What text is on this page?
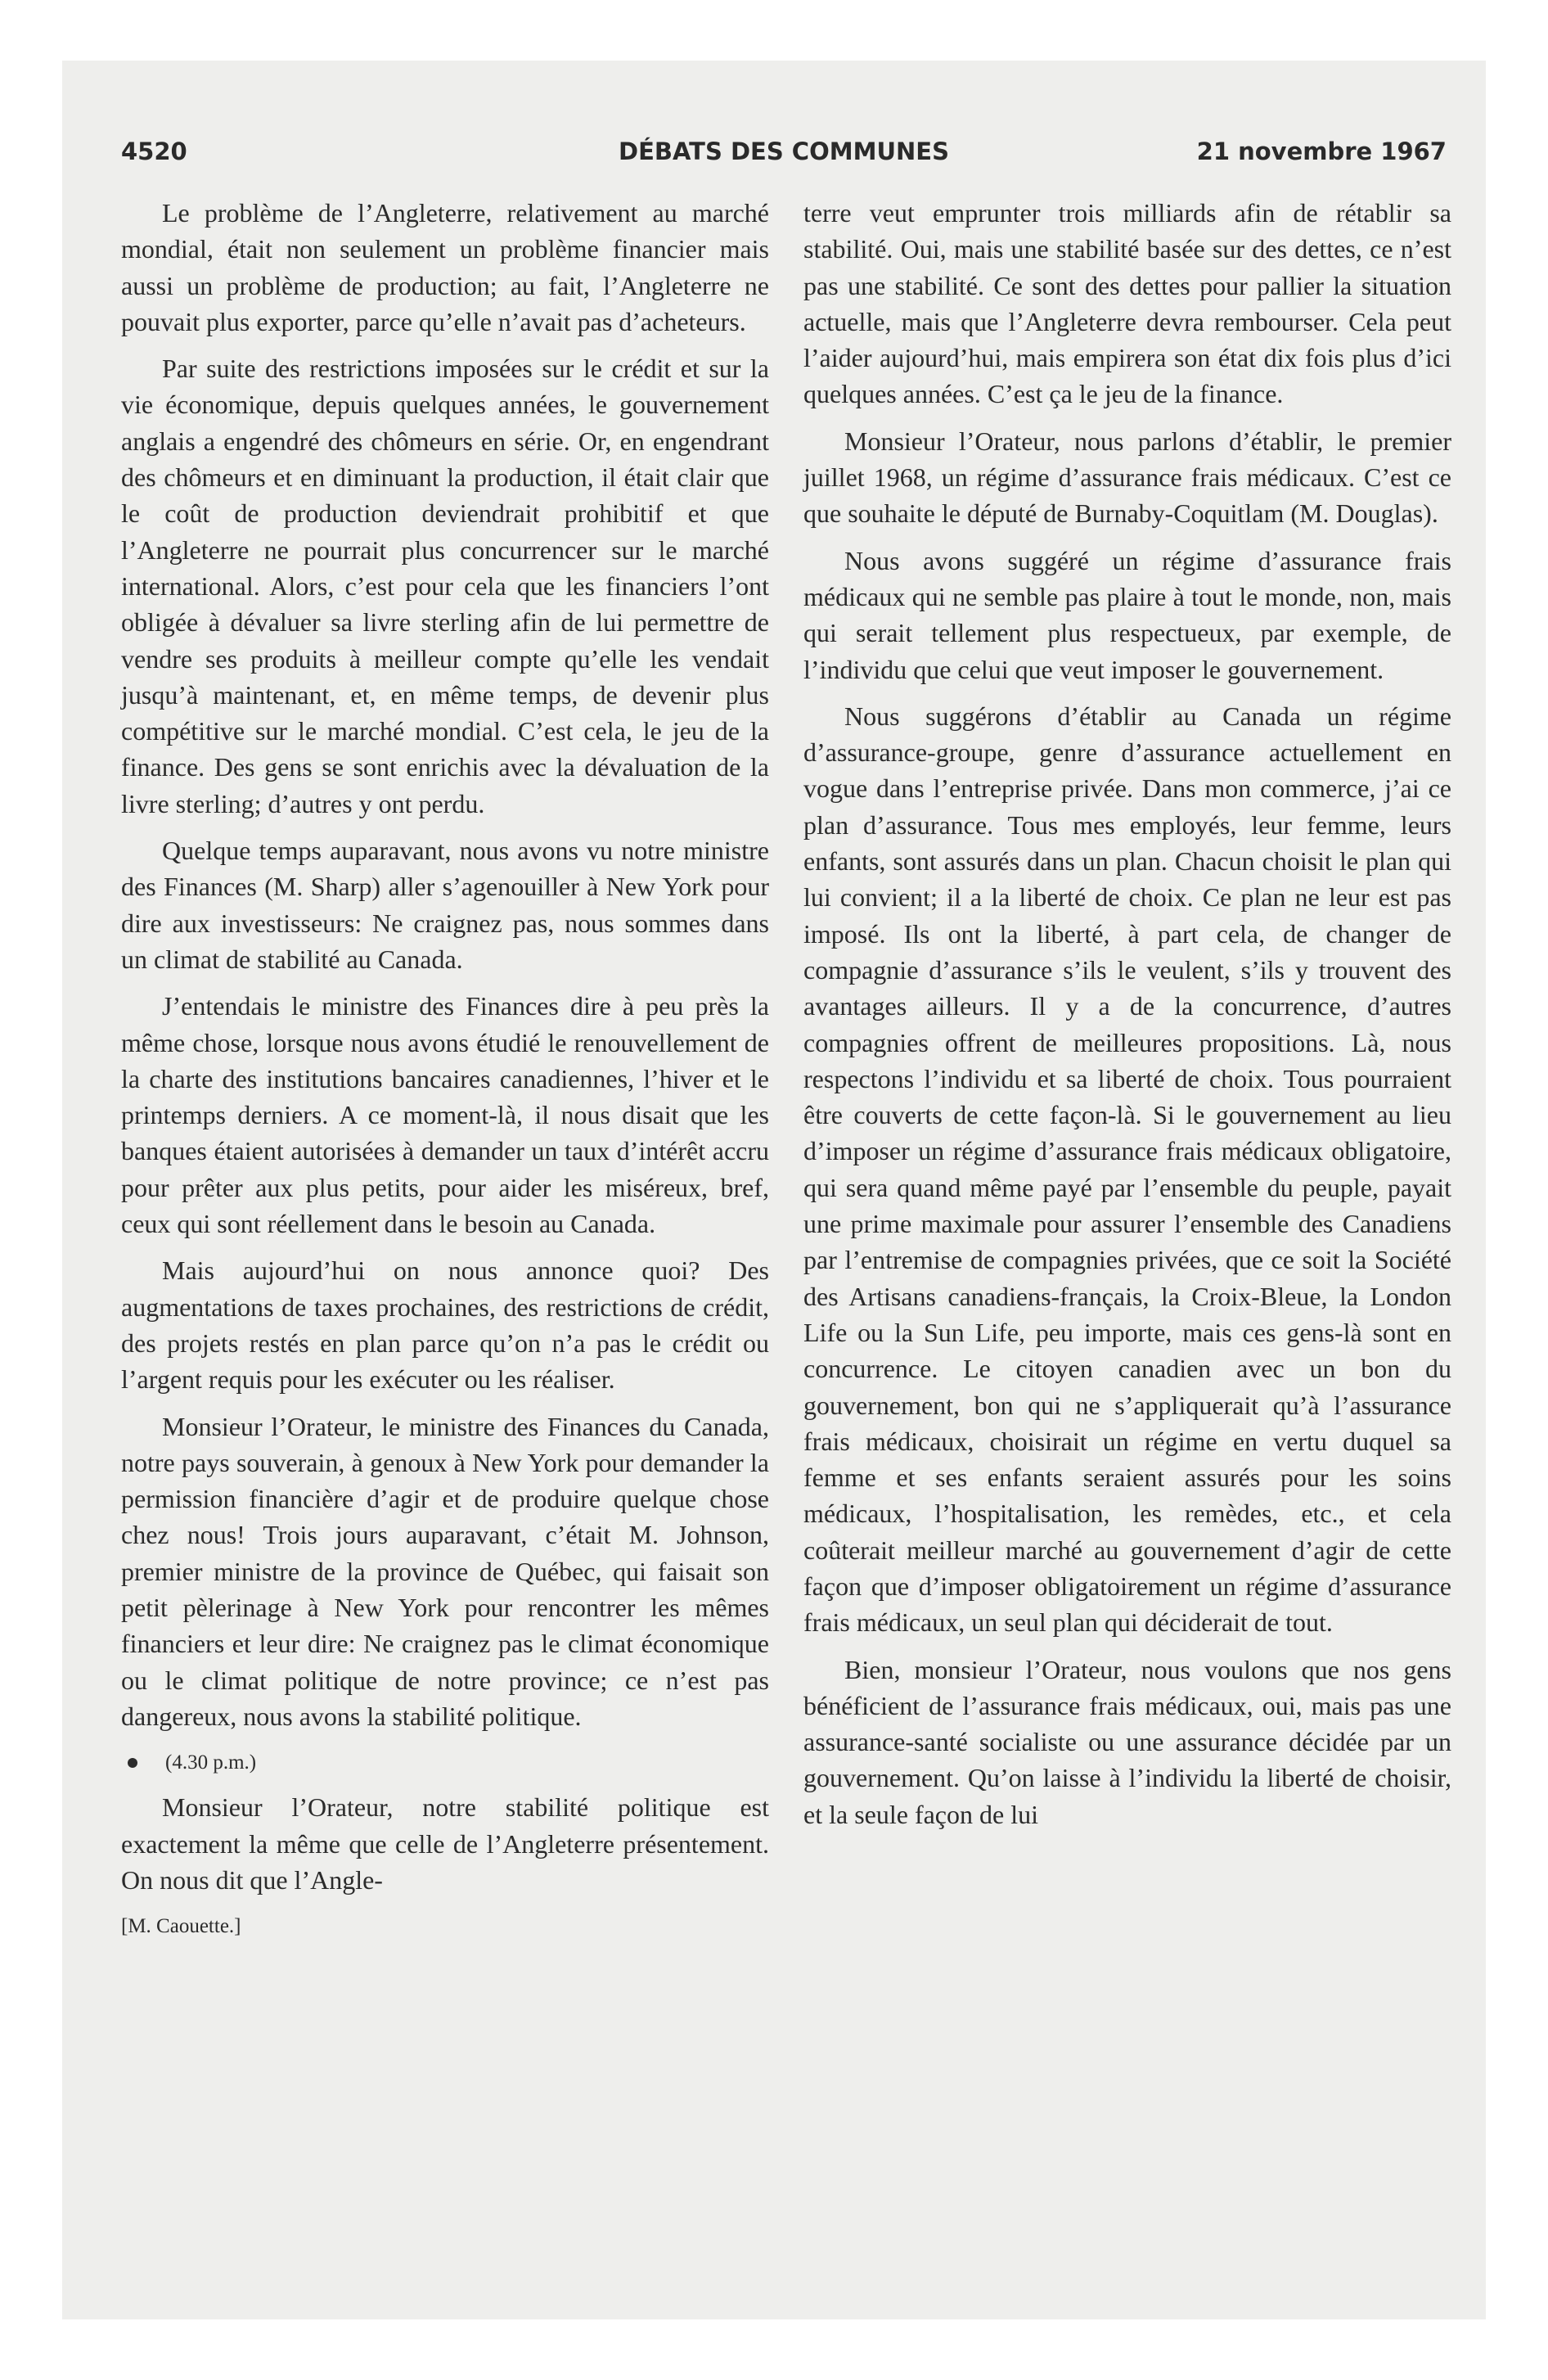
4520	DÉBATS DES COMMUNES	21 novembre 1967

Le problème de l’Angleterre, relativement au marché mondial, était non seulement un problème financier mais aussi un problème de production; au fait, l’Angleterre ne pouvait plus exporter, parce qu’elle n’avait pas d’acheteurs.

Par suite des restrictions imposées sur le crédit et sur la vie économique, depuis quelques années, le gouvernement anglais a engendré des chômeurs en série. Or, en engendrant des chômeurs et en diminuant la production, il était clair que le coût de production deviendrait prohibitif et que l’Angleterre ne pourrait plus concurrencer sur le marché international. Alors, c’est pour cela que les financiers l’ont obligée à dévaluer sa livre sterling afin de lui permettre de vendre ses produits à meilleur compte qu’elle les vendait jusqu’à maintenant, et, en même temps, de devenir plus compétitive sur le marché mondial. C’est cela, le jeu de la finance. Des gens se sont enrichis avec la dévaluation de la livre sterling; d’autres y ont perdu.

Quelque temps auparavant, nous avons vu notre ministre des Finances (M. Sharp) aller s’agenouiller à New York pour dire aux investisseurs: Ne craignez pas, nous sommes dans un climat de stabilité au Canada.

J’entendais le ministre des Finances dire à peu près la même chose, lorsque nous avons étudié le renouvellement de la charte des institutions bancaires canadiennes, l’hiver et le printemps derniers. A ce moment-là, il nous disait que les banques étaient autorisées à demander un taux d’intérêt accru pour prêter aux plus petits, pour aider les miséreux, bref, ceux qui sont réellement dans le besoin au Canada.

Mais aujourd’hui on nous annonce quoi? Des augmentations de taxes prochaines, des restrictions de crédit, des projets restés en plan parce qu’on n’a pas le crédit ou l’argent requis pour les exécuter ou les réaliser.

Monsieur l’Orateur, le ministre des Finances du Canada, notre pays souverain, à genoux à New York pour demander la permission financière d’agir et de produire quelque chose chez nous! Trois jours auparavant, c’était M. Johnson, premier ministre de la province de Québec, qui faisait son petit pèlerinage à New York pour rencontrer les mêmes financiers et leur dire: Ne craignez pas le climat économique ou le climat politique de notre province; ce n’est pas dangereux, nous avons la stabilité politique.

(4.30 p.m.)

Monsieur l’Orateur, notre stabilité politique est exactement la même que celle de l’Angleterre présentement. On nous dit que l’Angle-

[M. Caouette.]

terre veut emprunter trois milliards afin de rétablir sa stabilité. Oui, mais une stabilité basée sur des dettes, ce n’est pas une stabilité. Ce sont des dettes pour pallier la situation actuelle, mais que l’Angleterre devra rembourser. Cela peut l’aider aujourd’hui, mais empirera son état dix fois plus d’ici quelques années. C’est ça le jeu de la finance.

Monsieur l’Orateur, nous parlons d’établir, le premier juillet 1968, un régime d’assurance frais médicaux. C’est ce que souhaite le député de Burnaby-Coquitlam (M. Douglas).

Nous avons suggéré un régime d’assurance frais médicaux qui ne semble pas plaire à tout le monde, non, mais qui serait tellement plus respectueux, par exemple, de l’individu que celui que veut imposer le gouvernement.

Nous suggérons d’établir au Canada un régime d’assurance-groupe, genre d’assurance actuellement en vogue dans l’entreprise privée. Dans mon commerce, j’ai ce plan d’assurance. Tous mes employés, leur femme, leurs enfants, sont assurés dans un plan. Chacun choisit le plan qui lui convient; il a la liberté de choix. Ce plan ne leur est pas imposé. Ils ont la liberté, à part cela, de changer de compagnie d’assurance s’ils le veulent, s’ils y trouvent des avantages ailleurs. Il y a de la concurrence, d’autres compagnies offrent de meilleures propositions. Là, nous respectons l’individu et sa liberté de choix. Tous pourraient être couverts de cette façon-là. Si le gouvernement au lieu d’imposer un régime d’assurance frais médicaux obligatoire, qui sera quand même payé par l’ensemble du peuple, payait une prime maximale pour assurer l’ensemble des Canadiens par l’entremise de compagnies privées, que ce soit la Société des Artisans canadiens-français, la Croix-Bleue, la London Life ou la Sun Life, peu importe, mais ces gens-là sont en concurrence. Le citoyen canadien avec un bon du gouvernement, bon qui ne s’appliquerait qu’à l’assurance frais médicaux, choisirait un régime en vertu duquel sa femme et ses enfants seraient assurés pour les soins médicaux, l’hospitalisation, les remèdes, etc., et cela coûterait meilleur marché au gouvernement d’agir de cette façon que d’imposer obligatoirement un régime d’assurance frais médicaux, un seul plan qui déciderait de tout.

Bien, monsieur l’Orateur, nous voulons que nos gens bénéficient de l’assurance frais médicaux, oui, mais pas une assurance-santé socialiste ou une assurance décidée par un gouvernement. Qu’on laisse à l’individu la liberté de choisir, et la seule façon de lui
